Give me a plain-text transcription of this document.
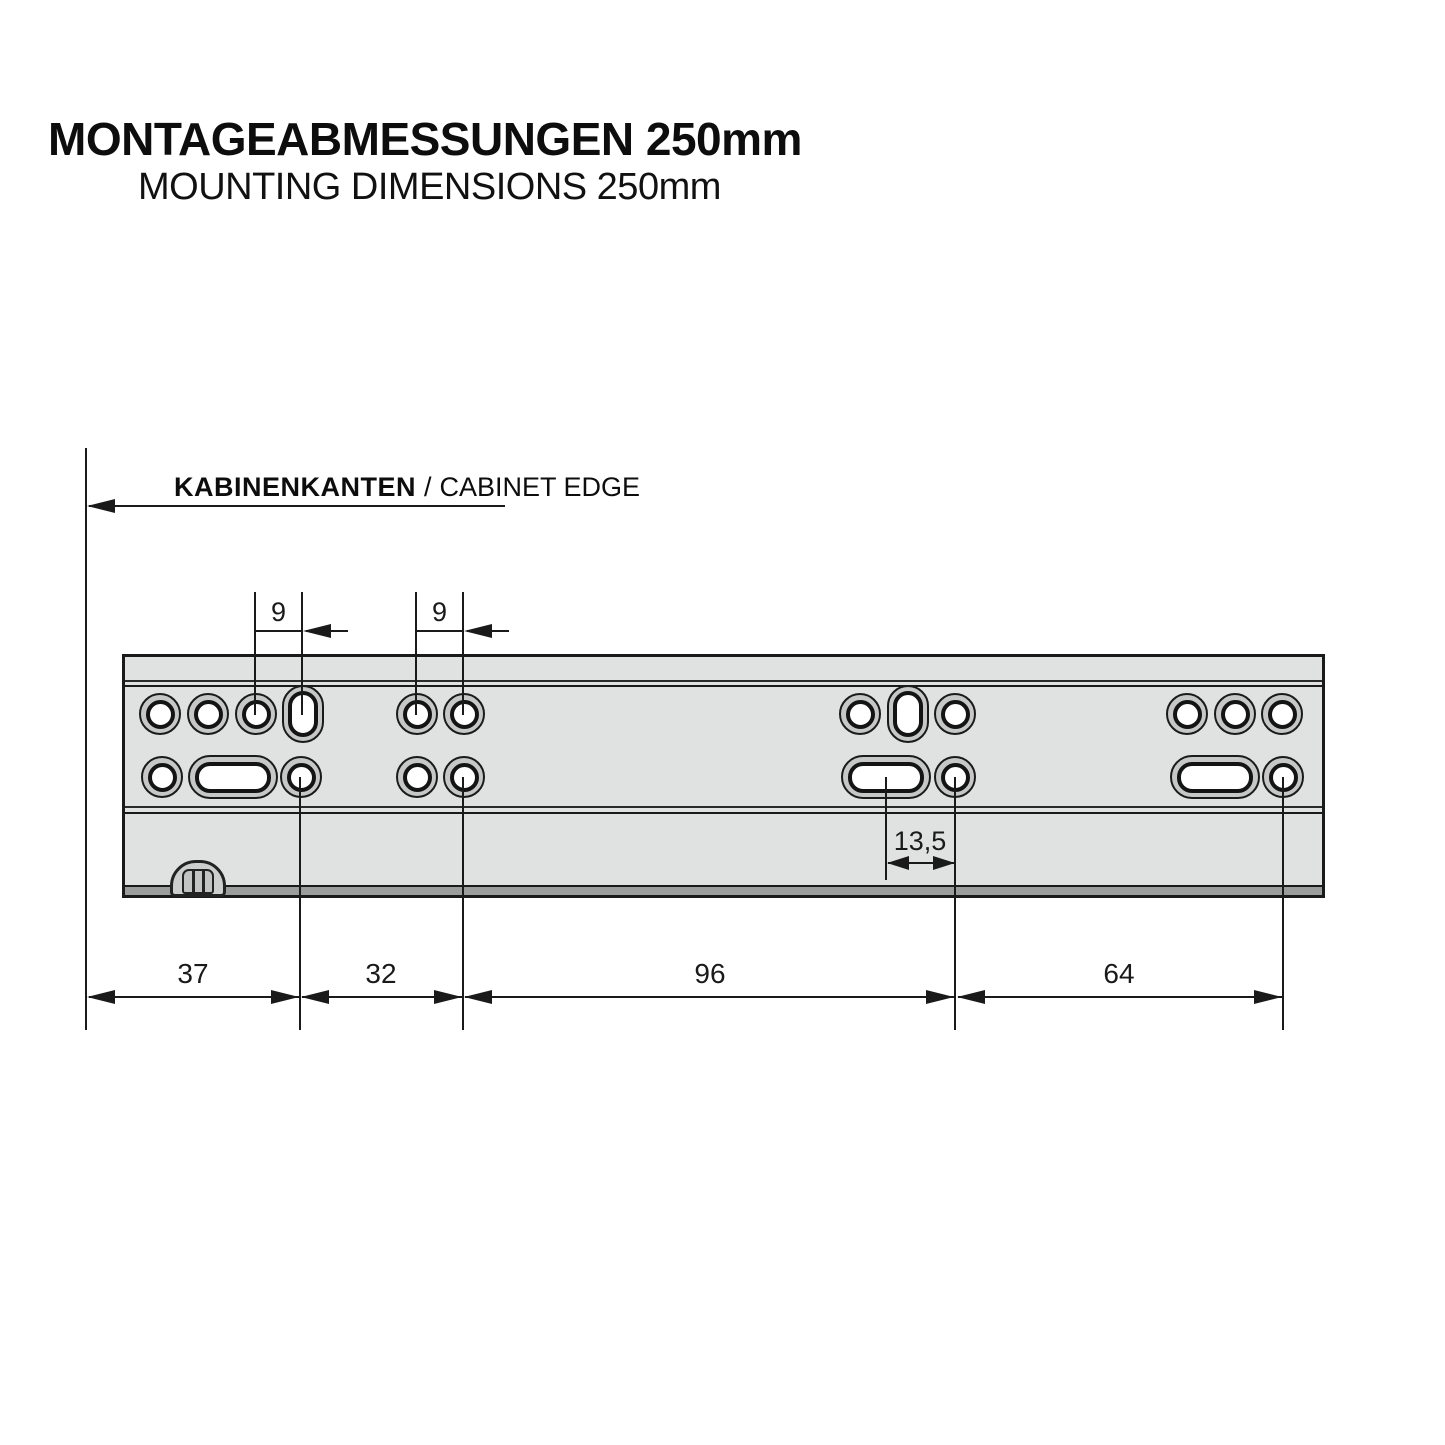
MONTAGEABMESSUNGEN 250mm
MOUNTING DIMENSIONS 250mm
KABINENKANTEN / CABINET EDGE
9	9
13,5
37	32	96	64
